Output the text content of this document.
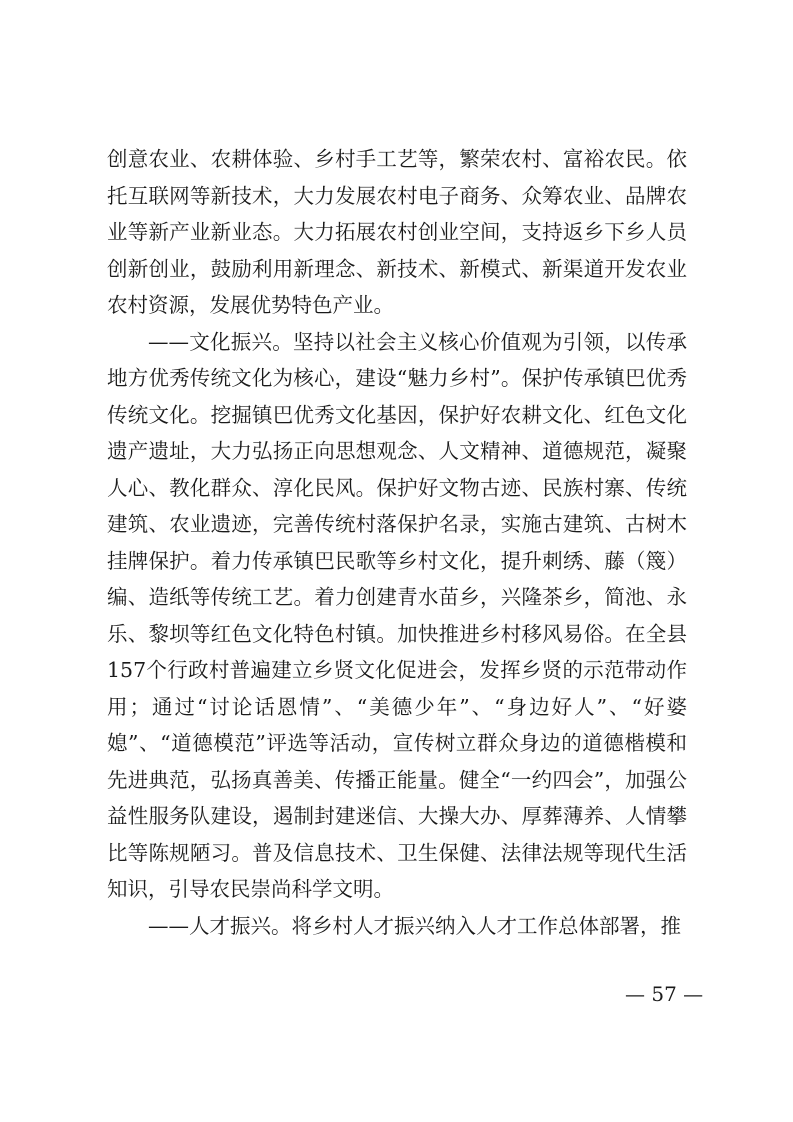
创意农业、农耕体验、乡村手工艺等，繁荣农村、富裕农民。依托互联网等新技术，大力发展农村电子商务、众筹农业、品牌农业等新产业新业态。大力拓展农村创业空间，支持返乡下乡人员创新创业，鼓励利用新理念、新技术、新模式、新渠道开发农业农村资源，发展优势特色产业。

——文化振兴。坚持以社会主义核心价值观为引领，以传承地方优秀传统文化为核心，建设“魅力乡村”。保护传承镇巴优秀传统文化。挖掘镇巴优秀文化基因，保护好农耕文化、红色文化遗产遗址，大力弘扬正向思想观念、人文精神、道德规范，凝聚人心、教化群众、淳化民风。保护好文物古迹、民族村寨、传统建筑、农业遗迹，完善传统村落保护名录，实施古建筑、古树木挂牌保护。着力传承镇巴民歌等乡村文化，提升刺绣、藤（篾）编、造纸等传统工艺。着力创建青水苗乡，兴隆茶乡，简池、永乐、黎坝等红色文化特色村镇。加快推进乡村移风易俗。在全县157个行政村普遍建立乡贤文化促进会，发挥乡贤的示范带动作用；通过“讨论话恩情”、“美德少年”、“身边好人”、“好婆媳”、“道德模范”评选等活动，宣传树立群众身边的道德楷模和先进典范，弘扬真善美、传播正能量。健全“一约四会”，加强公益性服务队建设，遏制封建迷信、大操大办、厚葬薄养、人情攀比等陈规陋习。普及信息技术、卫生保健、法律法规等现代生活知识，引导农民崇尚科学文明。

——人才振兴。将乡村人才振兴纳入人才工作总体部署，推

— 57 —
